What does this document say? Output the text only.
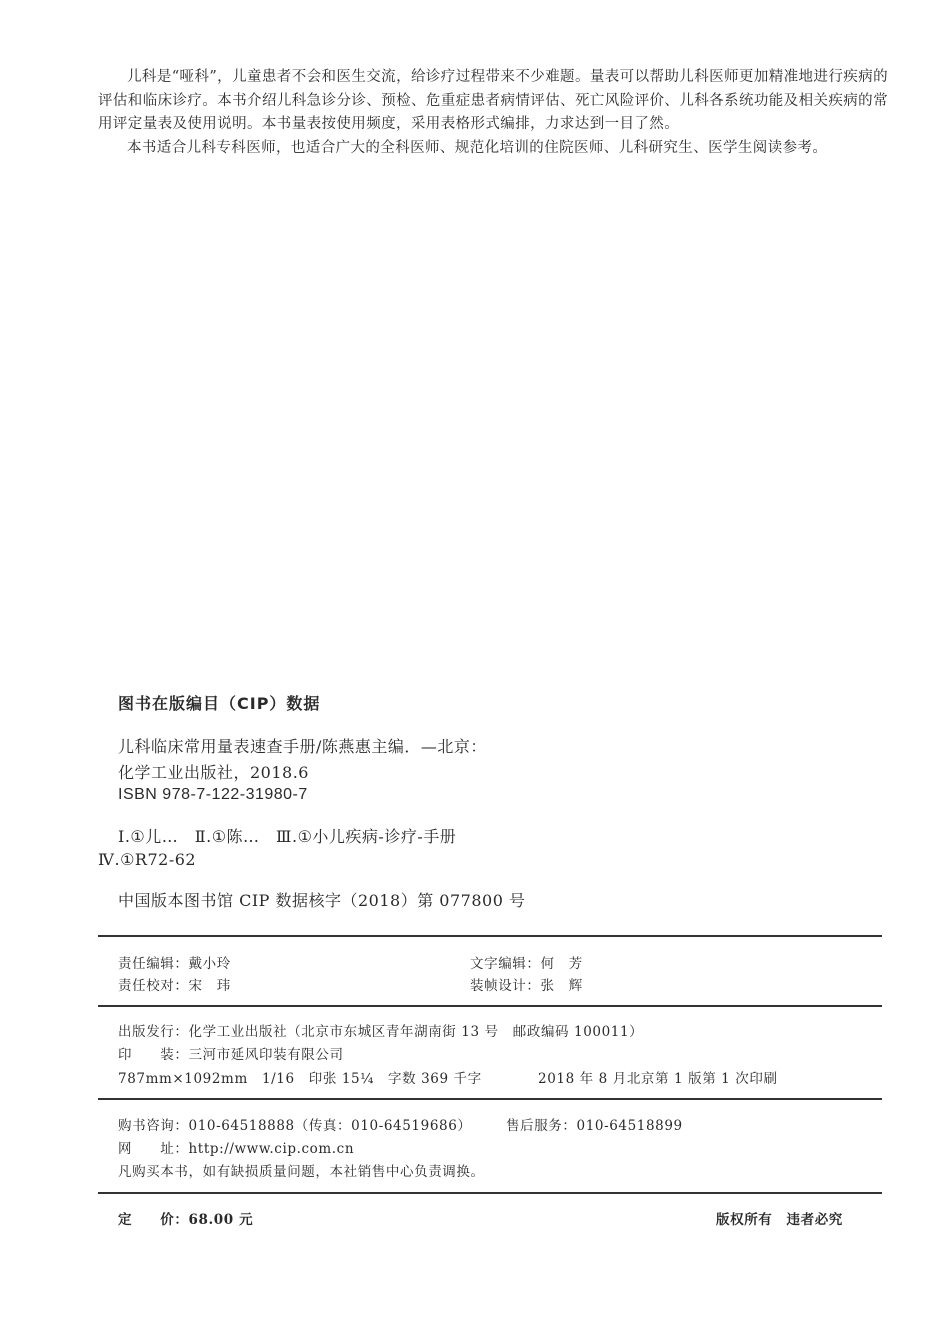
儿科是“哑科”，儿童患者不会和医生交流，给诊疗过程带来不少难题。量表可以帮助儿科医师更加精准地进行疾病的评估和临床诊疗。本书介绍儿科急诊分诊、预检、危重症患者病情评估、死亡风险评价、儿科各系统功能及相关疾病的常用评定量表及使用说明。本书量表按使用频度，采用表格形式编排，力求达到一目了然。

本书适合儿科专科医师，也适合广大的全科医师、规范化培训的住院医师、儿科研究生、医学生阅读参考。

图书在版编目（CIP）数据
儿科临床常用量表速查手册/陈燕惠主编．—北京：
化学工业出版社，2018.6
ISBN 978-7-122-31980-7
Ⅰ.①儿…　Ⅱ.①陈…　Ⅲ.①小儿疾病-诊疗-手册
Ⅳ.①R72-62
中国版本图书馆 CIP 数据核字（2018）第 077800 号
责任编辑：戴小玲	文字编辑：何　芳
责任校对：宋　玮	装帧设计：张　辉
出版发行：化学工业出版社（北京市东城区青年湖南街 13 号　邮政编码 100011）
印　　装：三河市延风印装有限公司
787mm×1092mm　1/16　印张 15¼　字数 369 千字	2018 年 8 月北京第 1 版第 1 次印刷
购书咨询：010-64518888（传真：010-64519686）	售后服务：010-64518899
网　　址：http://www.cip.com.cn
凡购买本书，如有缺损质量问题，本社销售中心负责调换。
定　　价：68.00 元	版权所有　违者必究
